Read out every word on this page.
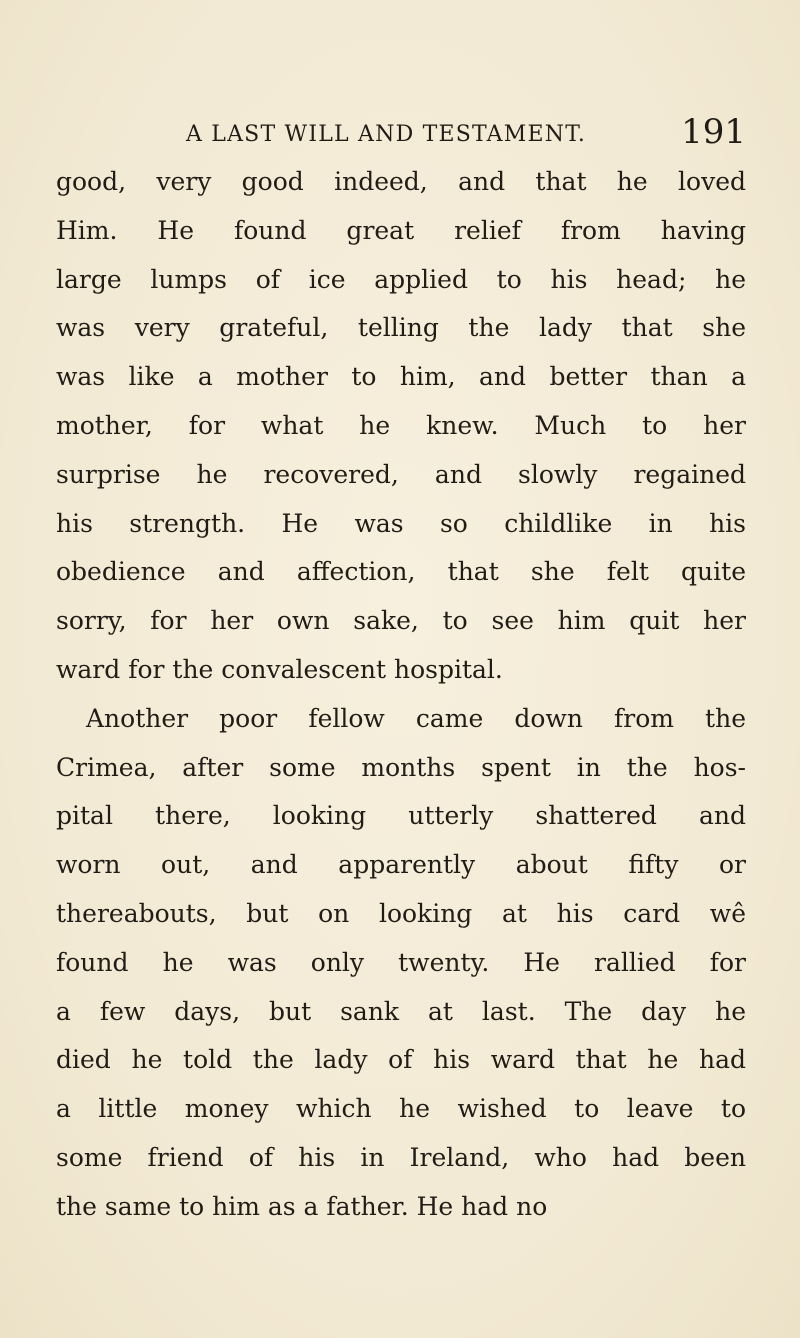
A LAST WILL AND TESTAMENT.	191
good, very good indeed, and that he loved
Him. He found great relief from having
large lumps of ice applied to his head; he
was very grateful, telling the lady that she
was like a mother to him, and better than a
mother, for what he knew. Much to her
surprise he recovered, and slowly regained
his strength. He was so childlike in his
obedience and affection, that she felt quite
sorry, for her own sake, to see him quit her
ward for the convalescent hospital.
Another poor fellow came down from the
Crimea, after some months spent in the hos-
pital there, looking utterly shattered and
worn out, and apparently about fifty or
thereabouts, but on looking at his card wê
found he was only twenty. He rallied for
a few days, but sank at last. The day he
died he told the lady of his ward that he had
a little money which he wished to leave to
some friend of his in Ireland, who had been
the same to him as a father. He had no
